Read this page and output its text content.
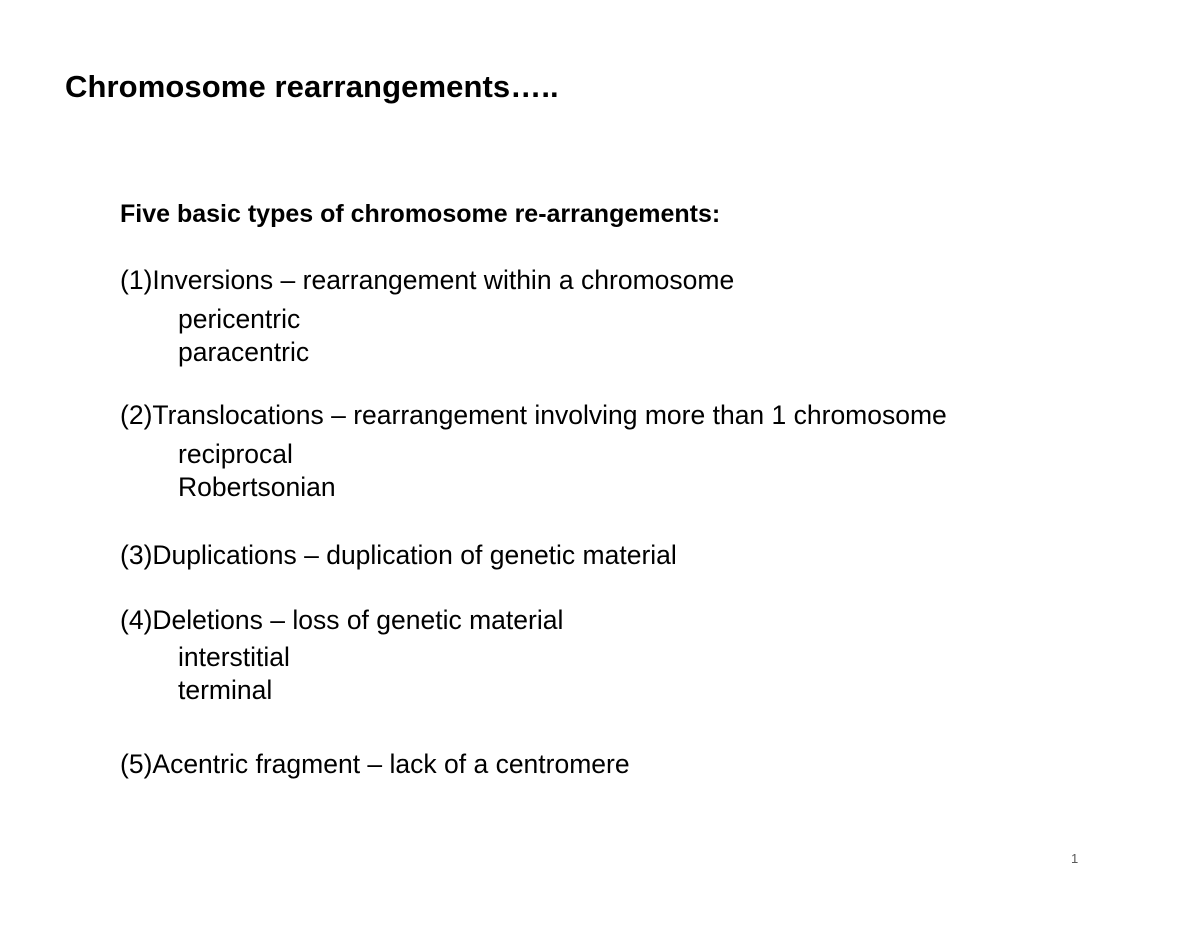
Chromosome rearrangements…..
Five basic types of chromosome re-arrangements:
(1)Inversions – rearrangement within a chromosome
pericentric
paracentric
(2)Translocations – rearrangement involving more than 1 chromosome
reciprocal
Robertsonian
(3)Duplications – duplication of genetic material
(4)Deletions – loss of genetic material
interstitial
terminal
(5)Acentric fragment – lack of a centromere
1
